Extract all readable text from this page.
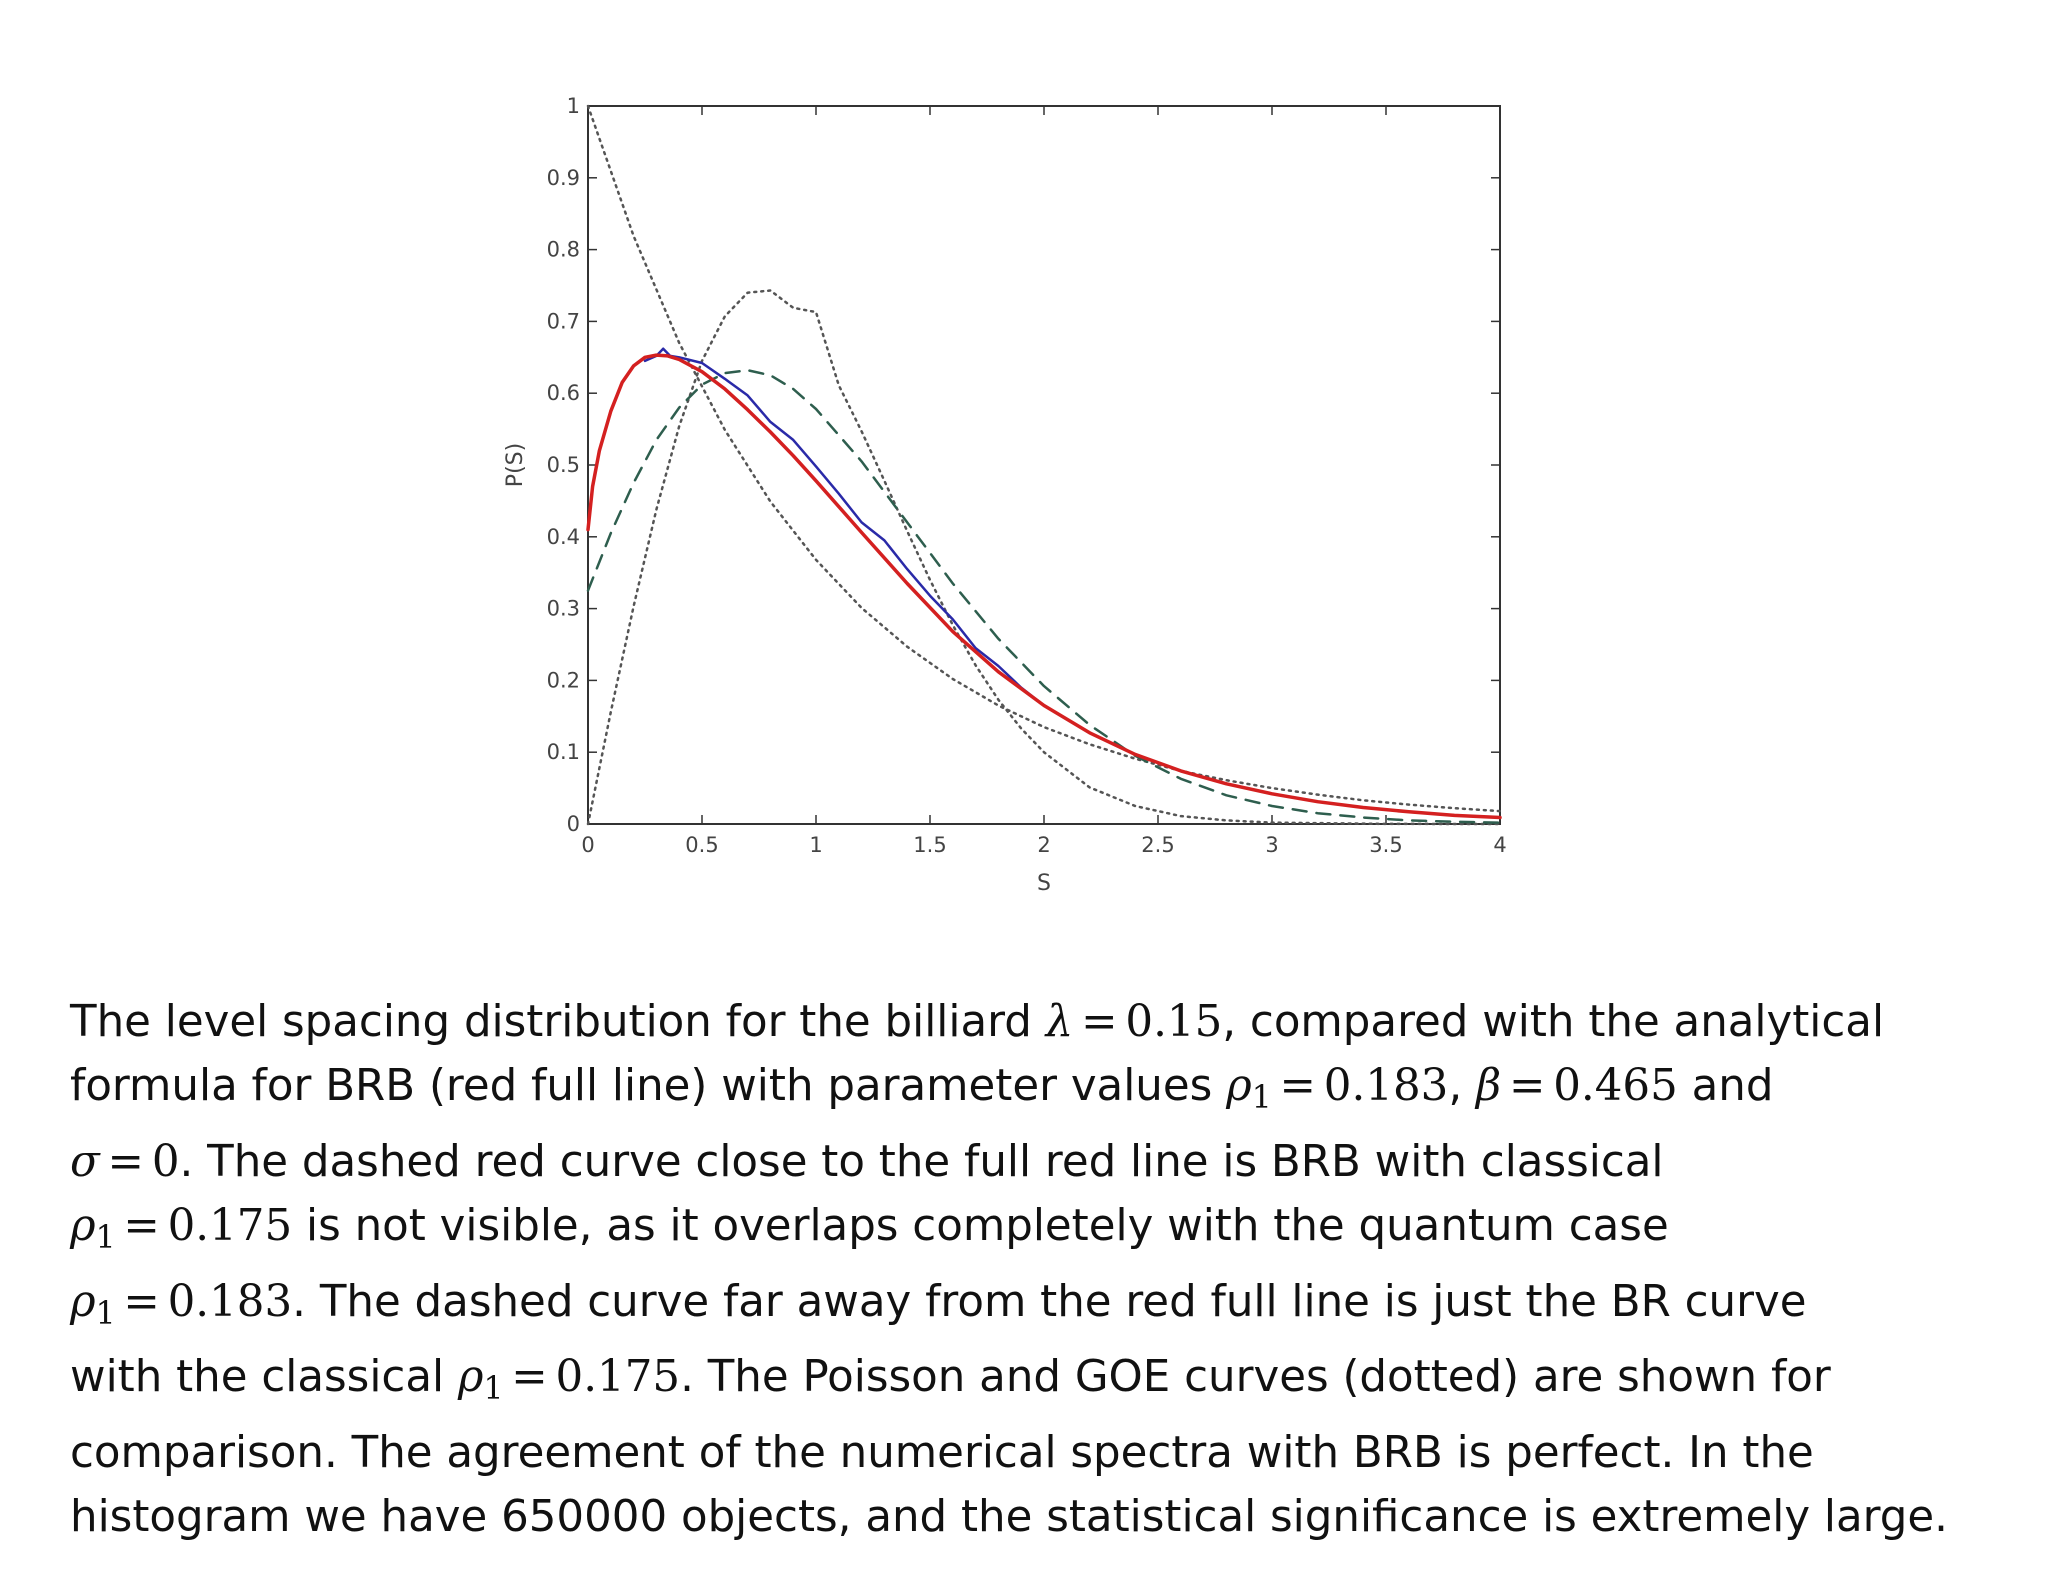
0	0.5	1	1.5	2	2.5	3	3.5	4
0
0.1
0.2
0.3
0.4
0.5
0.6
0.7
0.8
0.9
1
S
P(S)
The level spacing distribution for the billiard λ = 0.15, compared with the analytical
formula for BRB (red full line) with parameter values $\rho_1 = 0.183$, β = 0.465 and
σ = 0. The dashed red curve close to the full red line is BRB with classical
$\rho_1 = 0.175$ is not visible, as it overlaps completely with the quantum case
$\rho_1 = 0.183$. The dashed curve far away from the red full line is just the BR curve
with the classical $\rho_1 = 0.175$. The Poisson and GOE curves (dotted) are shown for
comparison. The agreement of the numerical spectra with BRB is perfect. In the
histogram we have 650000 objects, and the statistical significance is extremely large.
